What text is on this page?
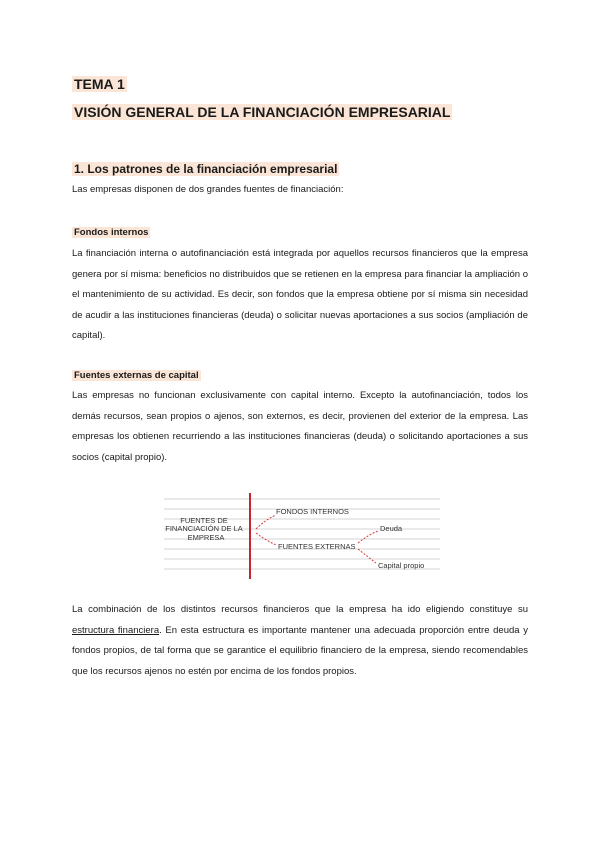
TEMA 1
VISIÓN GENERAL DE LA FINANCIACIÓN EMPRESARIAL
1. Los patrones de la financiación empresarial

Las empresas disponen de dos grandes fuentes de financiación:

Fondos internos

La financiación interna o autofinanciación está integrada por aquellos recursos financieros que la empresa genera por sí misma: beneficios no distribuidos que se retienen en la empresa para financiar la ampliación o el mantenimiento de su actividad. Es decir, son fondos que la empresa obtiene por sí misma sin necesidad de acudir a las instituciones financieras (deuda) o solicitar nuevas aportaciones a sus socios (ampliación de capital).

Fuentes externas de capital

Las empresas no funcionan exclusivamente con capital interno. Excepto la autofinanciación, todos los demás recursos, sean propios o ajenos, son externos, es decir, provienen del exterior de la empresa. Las empresas los obtienen recurriendo a las instituciones financieras (deuda) o solicitando aportaciones a sus socios (capital propio).

La combinación de los distintos recursos financieros que la empresa ha ido eligiendo constituye su estructura financiera. En esta estructura es importante mantener una adecuada proporción entre deuda y fondos propios, de tal forma que se garantice el equilibrio financiero de la empresa, siendo recomendables que los recursos ajenos no estén por encima de los fondos propios.

FUENTES DE
FINANCIACIÓN DE LA
EMPRESA
FONDOS INTERNOS
FUENTES EXTERNAS
Deuda
Capital propio
